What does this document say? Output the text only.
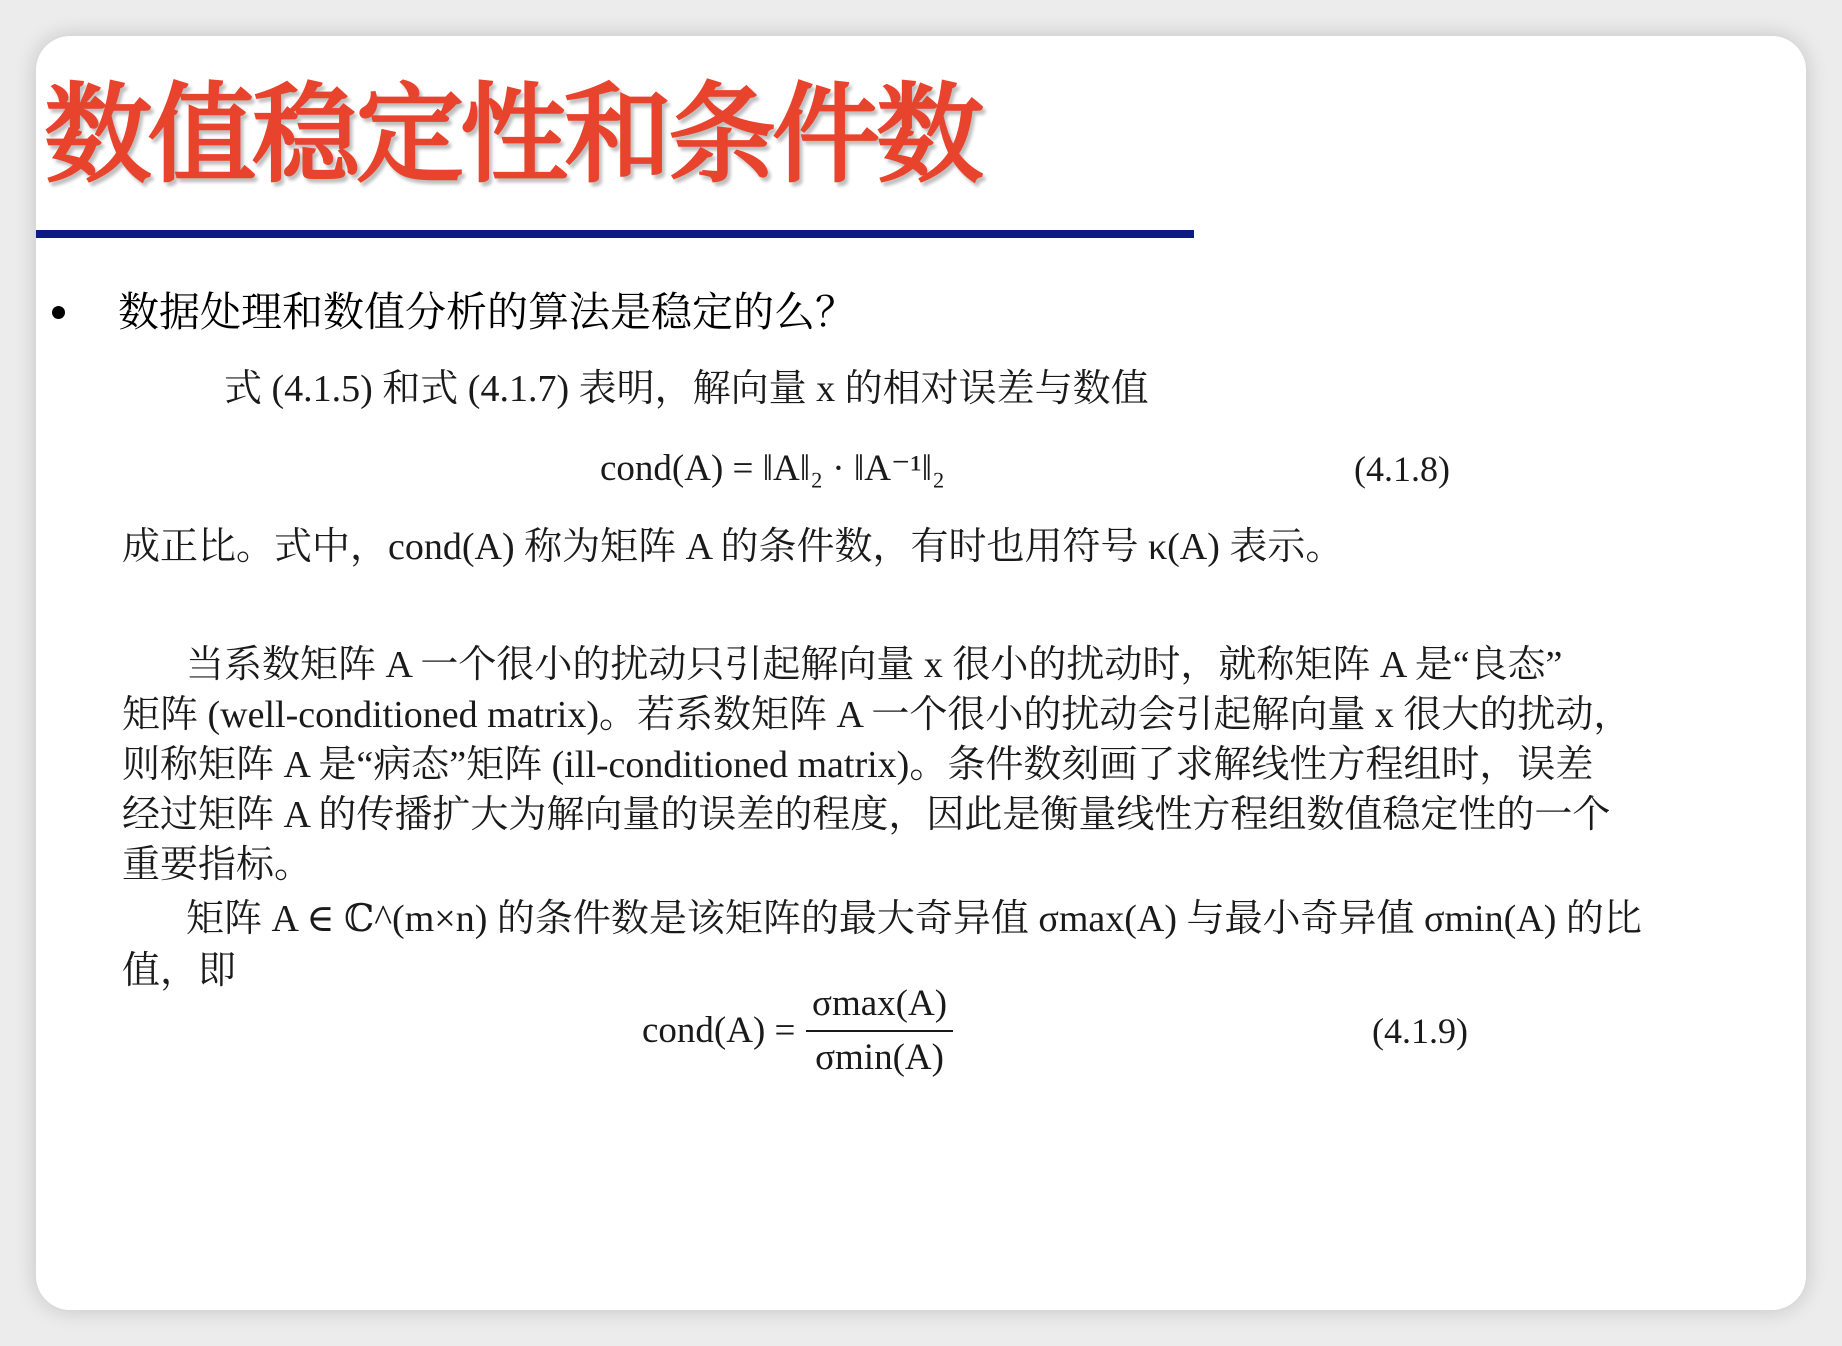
数值稳定性和条件数
数据处理和数值分析的算法是稳定的么？
式 (4.1.5) 和式 (4.1.7) 表明，解向量 x 的相对误差与数值
cond(A) = ‖A‖₂ · ‖A⁻¹‖₂	(4.1.8)
成正比。式中，cond(A) 称为矩阵 A 的条件数，有时也用符号 κ(A) 表示。
当系数矩阵 A 一个很小的扰动只引起解向量 x 很小的扰动时，就称矩阵 A 是“良态”
矩阵 (well-conditioned matrix)。若系数矩阵 A 一个很小的扰动会引起解向量 x 很大的扰动，
则称矩阵 A 是“病态”矩阵 (ill-conditioned matrix)。条件数刻画了求解线性方程组时，误差
经过矩阵 A 的传播扩大为解向量的误差的程度，因此是衡量线性方程组数值稳定性的一个
重要指标。
矩阵 A ∈ ℂ^(m×n) 的条件数是该矩阵的最大奇异值 σmax(A) 与最小奇异值 σmin(A) 的比
值，即
cond(A) =
σmax(A)
σmin(A)
(4.1.9)
